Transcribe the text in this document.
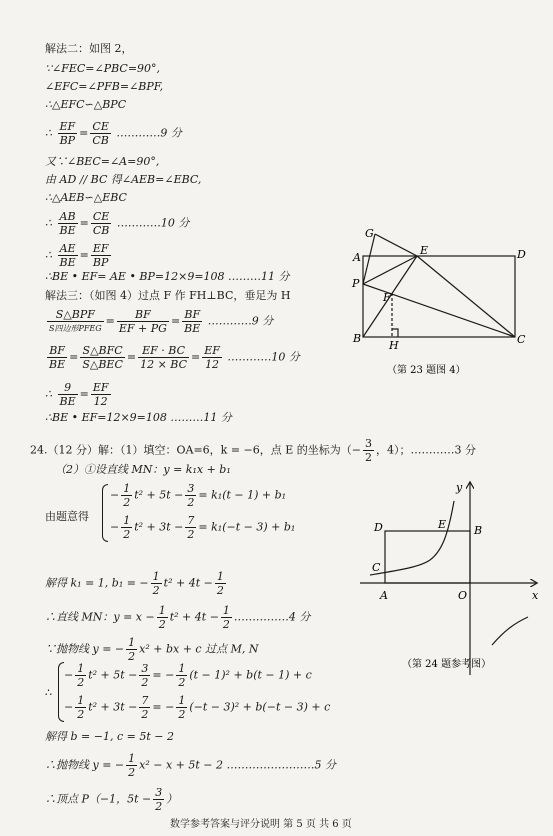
解法二：如图 2，
∵∠FEC=∠PBC=90°,
∠EFC=∠PFB=∠BPF,
∴△EFC∽△BPC
∴ $\frac{EF}{BP} = \frac{CE}{CB}$ …………9 分
又∵∠BEC=∠A=90°,
由 AD // BC 得∠AEB=∠EBC,
∴△AEB∽△EBC
∴ $\frac{AB}{BE} = \frac{CE}{CB}$ …………10 分
∴ $\frac{AE}{BE} = \frac{EF}{BP}$
∴BE • EF= AE • BP=12×9=108 ………11 分
解法三：（如图 4）过点 F 作 FH⊥BC，垂足为 H
S△BPF
S四边形PFEG
= $\frac{BF}{EF + PG} = \frac{BF}{BE}$ …………9 分
$\frac{BF}{BE}$ = S△BFC
S△BEC
= $\frac{EF \cdot BC}{12 \times BC} = \frac{EF}{12}$ …………10 分
∴ $\frac{9}{BE} = \frac{EF}{12}$
∴BE • EF=12×9=108 ………11 分
G
A
E	D
P
F
B
H	C
（第 23 题图 4）
24.（12 分）解：（1）填空：OA=6，k = −6，点 E 的坐标为（− $\frac{3}{2}$ ，4）；…………3 分
（2）①设直线 MN：y = k₁x + b₁
由题意得
− $\frac{1}{2} t^2 + 5t - \frac{3}{2} = k_1(t - 1) + b_1$
− $\frac{1}{2} t^2 + 3t - \frac{7}{2} = k_1(-t - 3) + b_1$
解得 k₁ = 1, b₁ = − $\frac{1}{2} t^2 + 4t - \frac{1}{2}$
∴直线 MN：$y = x - \frac{1}{2} t^2 + 4t - \frac{1}{2}$ ……………4 分
∵抛物线 y = − $\frac{1}{2} x^2$ + bx + c 过点 M, N
∴
− $\frac{1}{2} t^2 + 5t - \frac{3}{2}$ = − $\frac{1}{2} (t - 1)^2 + b(t - 1) + c$
− $\frac{1}{2} t^2 + 3t - \frac{7}{2}$ = − $\frac{1}{2} (-t - 3)^2 + b(-t - 3) + c$
解得 b = −1, c = 5t − 2
∴抛物线 y = − $\frac{1}{2} x^2 - x + 5t - 2$ ……………………5 分
∴顶点 P（−1，$5t - \frac{3}{2}$ ）
y
D	E	B
C
A	O	x
（第 24 题参考图）
数学参考答案与评分说明 第 5 页 共 6 页
